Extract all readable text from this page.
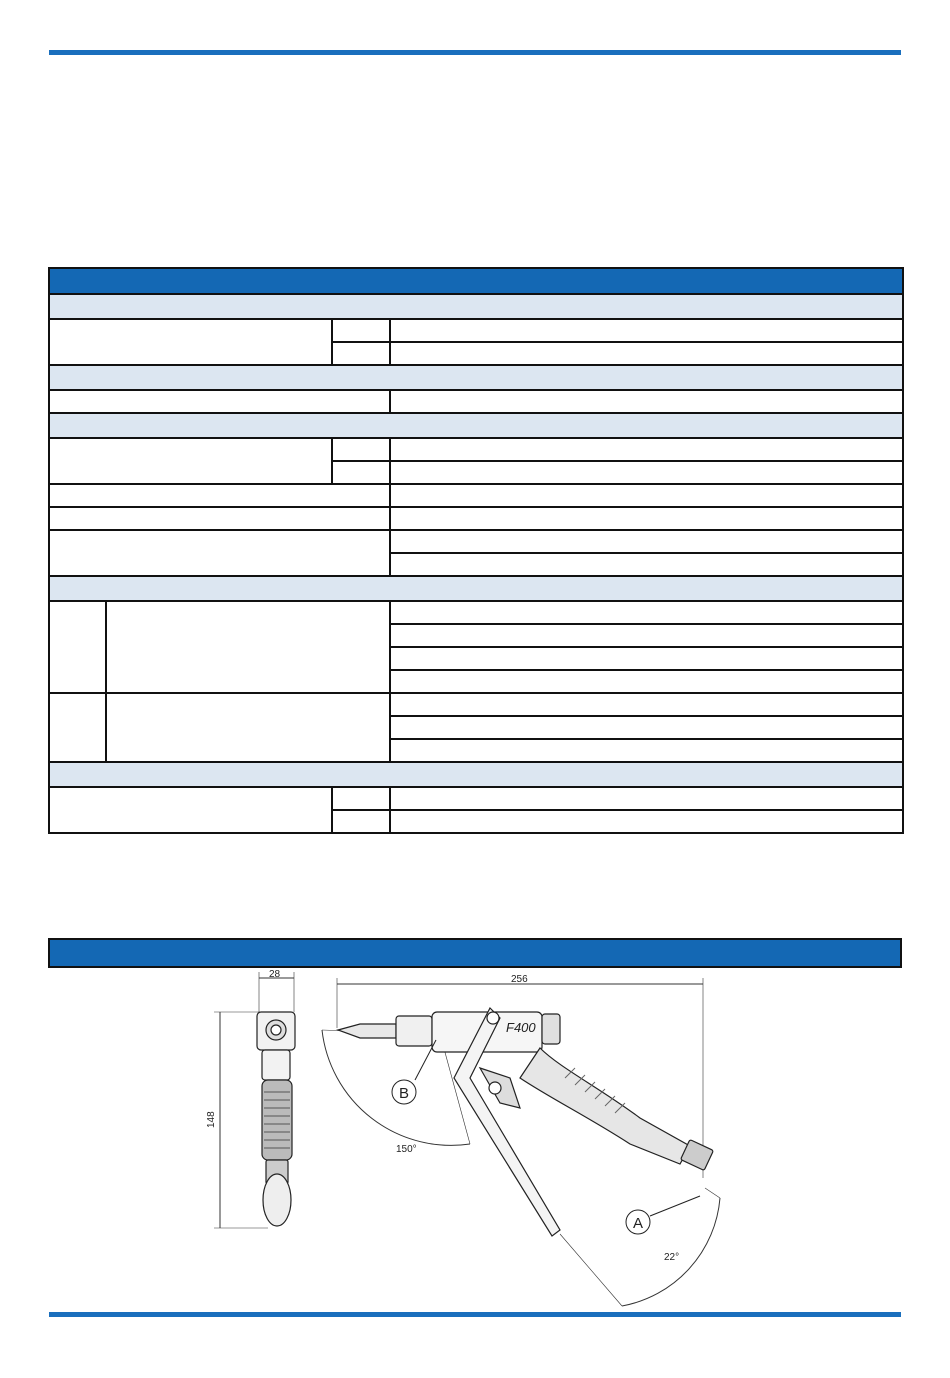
F400
28
148
256
150°
22°
B
A
